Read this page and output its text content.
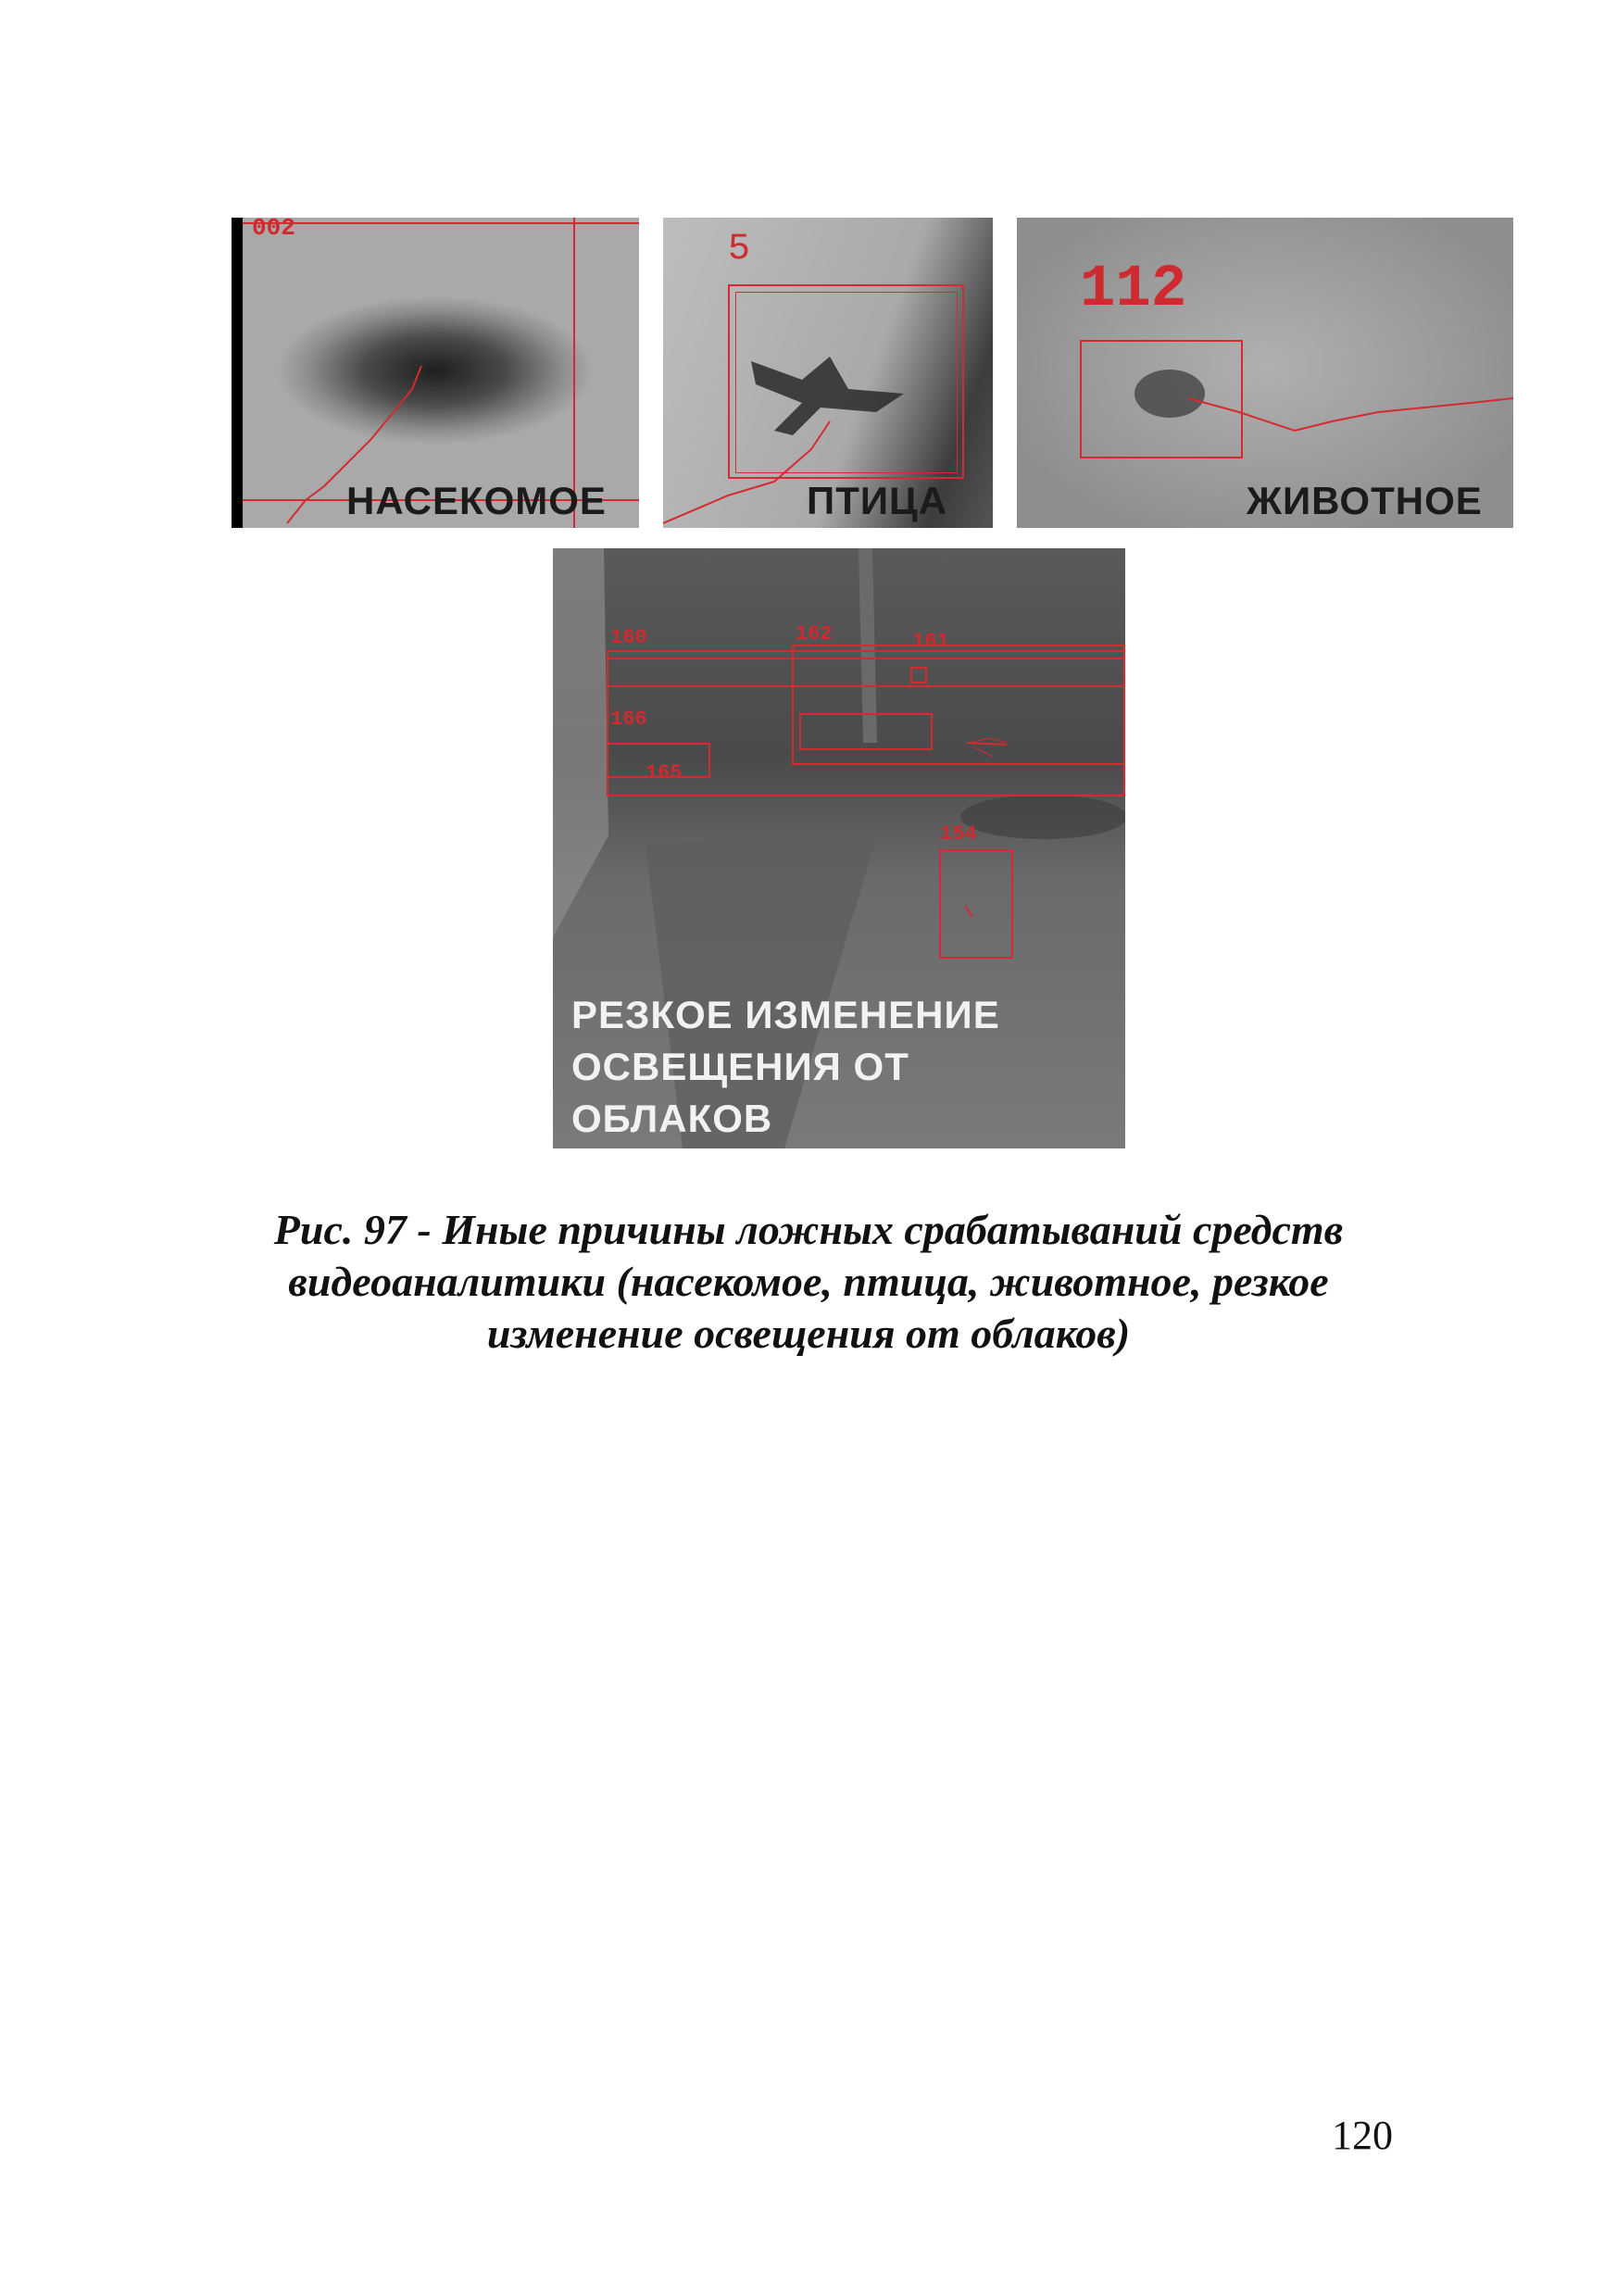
002
НАСЕКОМОЕ
5
ПТИЦА
112
ЖИВОТНОЕ
160	162	161
166
165
154
РЕЗКОЕ ИЗМЕНЕНИЕ
ОСВЕЩЕНИЯ ОТ
ОБЛАКОВ
Рис. 97 - Иные причины ложных срабатываний средств
видеоаналитики (насекомое, птица, животное, резкое
изменение освещения от облаков)
120
